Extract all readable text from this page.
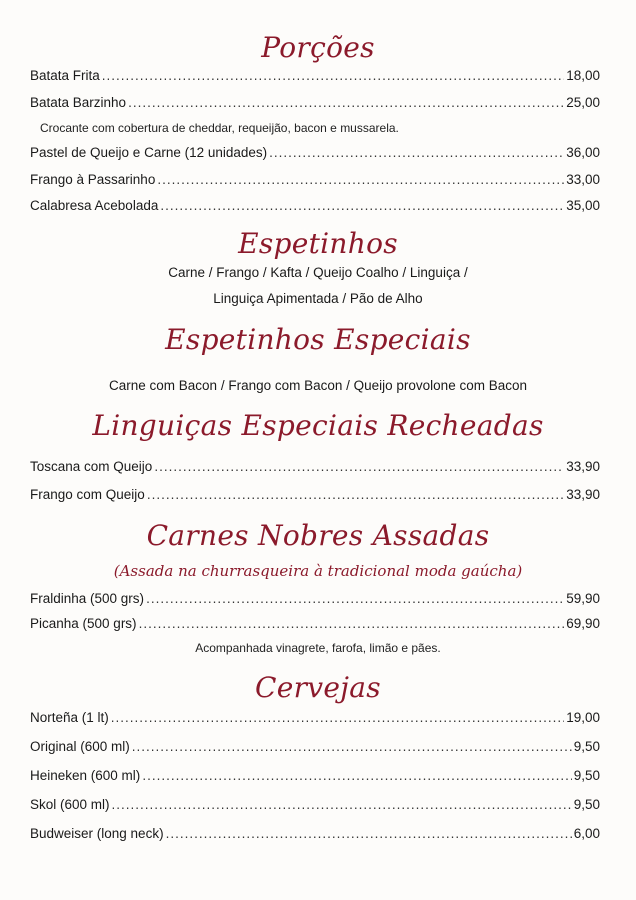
Porções
Batata Frita .....	18,00
Batata Barzinho .....	25,00
Crocante com cobertura de cheddar, requeijão, bacon e mussarela.
Pastel de Queijo e Carne (12 unidades) .....	36,00
Frango à Passarinho .....	33,00
Calabresa Acebolada .....	35,00
Espetinhos
Carne / Frango / Kafta / Queijo Coalho / Linguiça /
Linguiça Apimentada / Pão de Alho
Espetinhos Especiais
Carne com Bacon / Frango com Bacon / Queijo provolone com Bacon
Linguiças Especiais Recheadas
Toscana com Queijo .....	33,90
Frango com Queijo .....	33,90
Carnes Nobres Assadas
(Assada na churrasqueira à tradicional moda gaúcha)
Fraldinha (500 grs) .....	59,90
Picanha (500 grs) .....	69,90
Acompanhada vinagrete, farofa, limão e pães.
Cervejas
Norteña (1 lt) .....	19,00
Original (600 ml) .....	9,50
Heineken (600 ml) .....	9,50
Skol (600 ml) .....	9,50
Budweiser (long neck) .....	6,00
